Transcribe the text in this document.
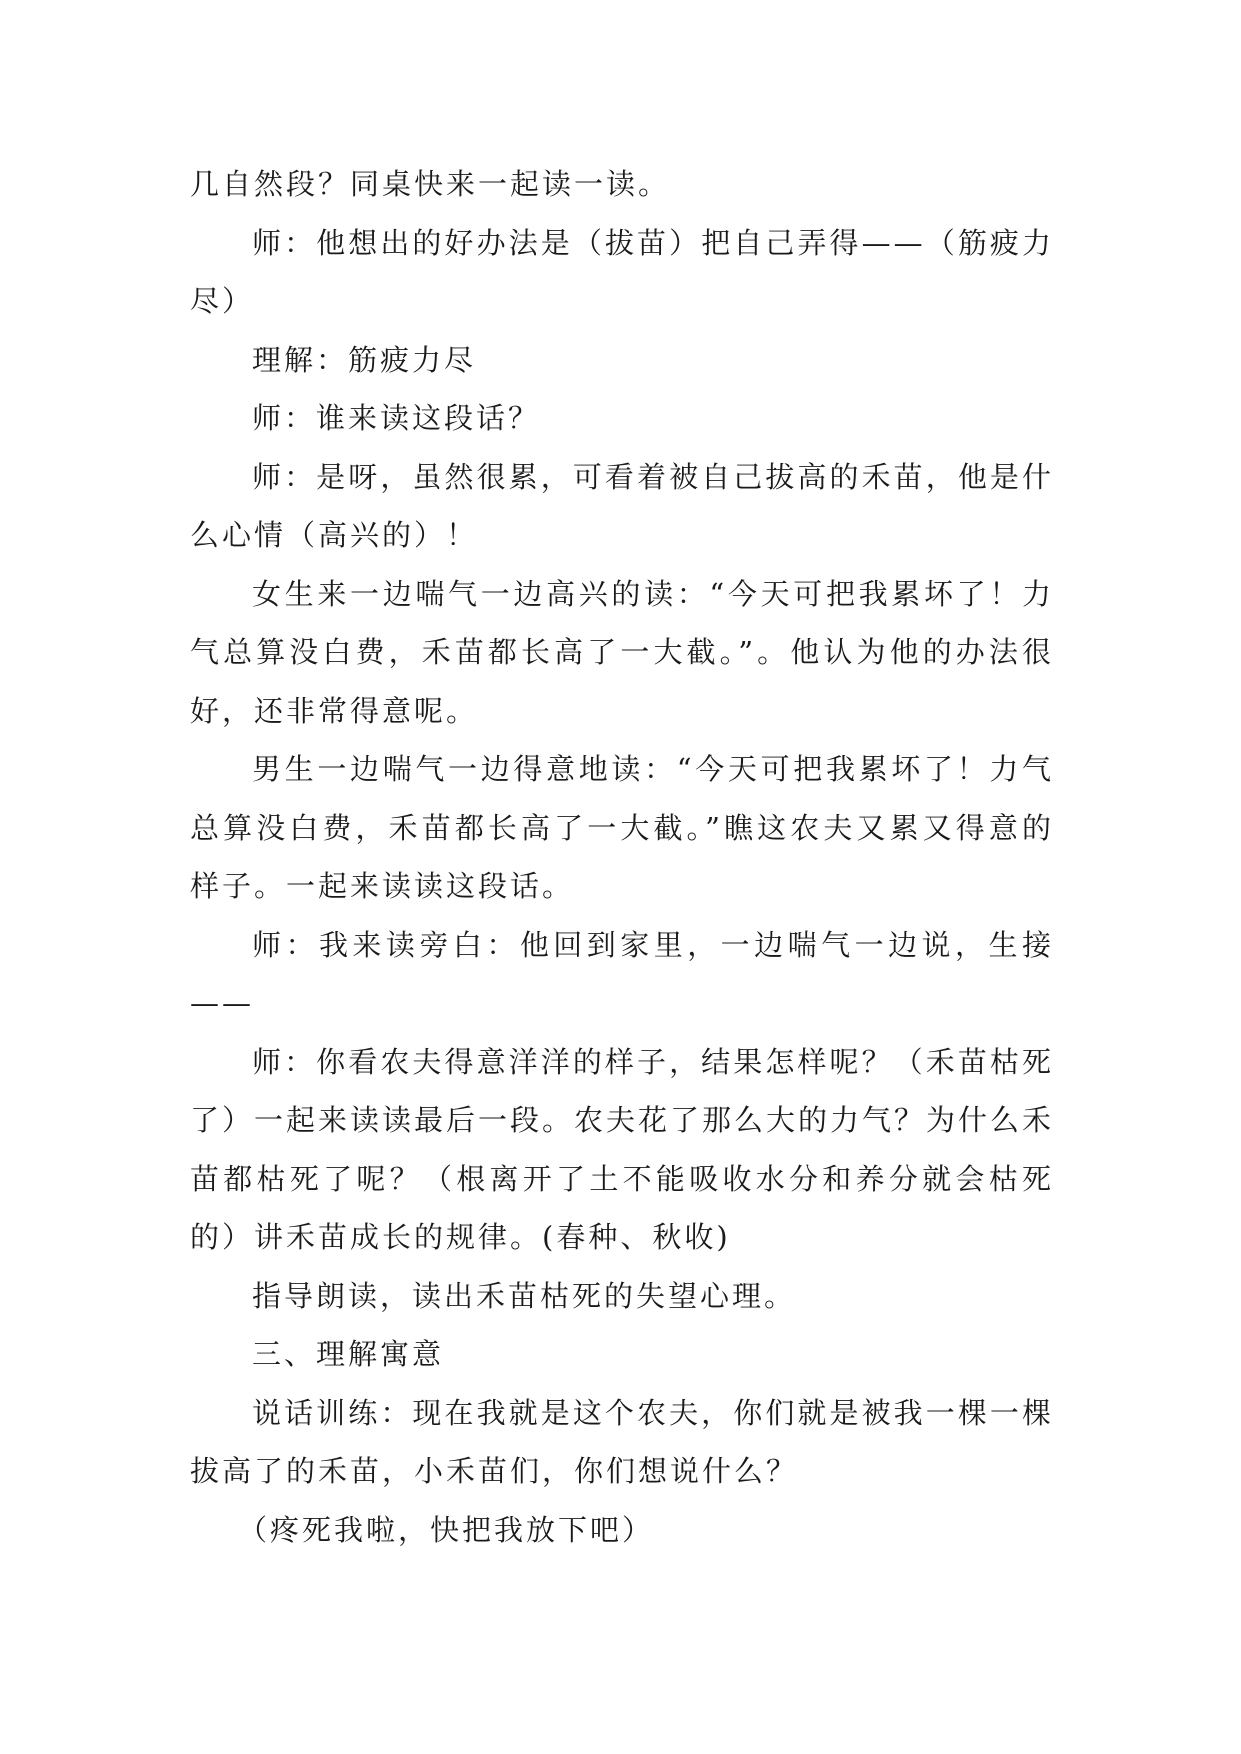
几自然段？同桌快来一起读一读。

师：他想出的好办法是（拔苗）把自己弄得——（筋疲力尽）

理解：筋疲力尽

师：谁来读这段话？

师：是呀，虽然很累，可看着被自己拔高的禾苗，他是什么心情（高兴的）！

女生来一边喘气一边高兴的读：“今天可把我累坏了！力气总算没白费，禾苗都长高了一大截。”。他认为他的办法很好，还非常得意呢。

男生一边喘气一边得意地读：“今天可把我累坏了！力气总算没白费，禾苗都长高了一大截。”瞧这农夫又累又得意的样子。一起来读读这段话。

师：我来读旁白：他回到家里，一边喘气一边说，生接——

师：你看农夫得意洋洋的样子，结果怎样呢？（禾苗枯死了）一起来读读最后一段。农夫花了那么大的力气？为什么禾苗都枯死了呢？（根离开了土不能吸收水分和养分就会枯死的）讲禾苗成长的规律。(春种、秋收)

指导朗读，读出禾苗枯死的失望心理。

三、理解寓意

说话训练：现在我就是这个农夫，你们就是被我一棵一棵拔高了的禾苗，小禾苗们，你们想说什么？

（疼死我啦，快把我放下吧）
